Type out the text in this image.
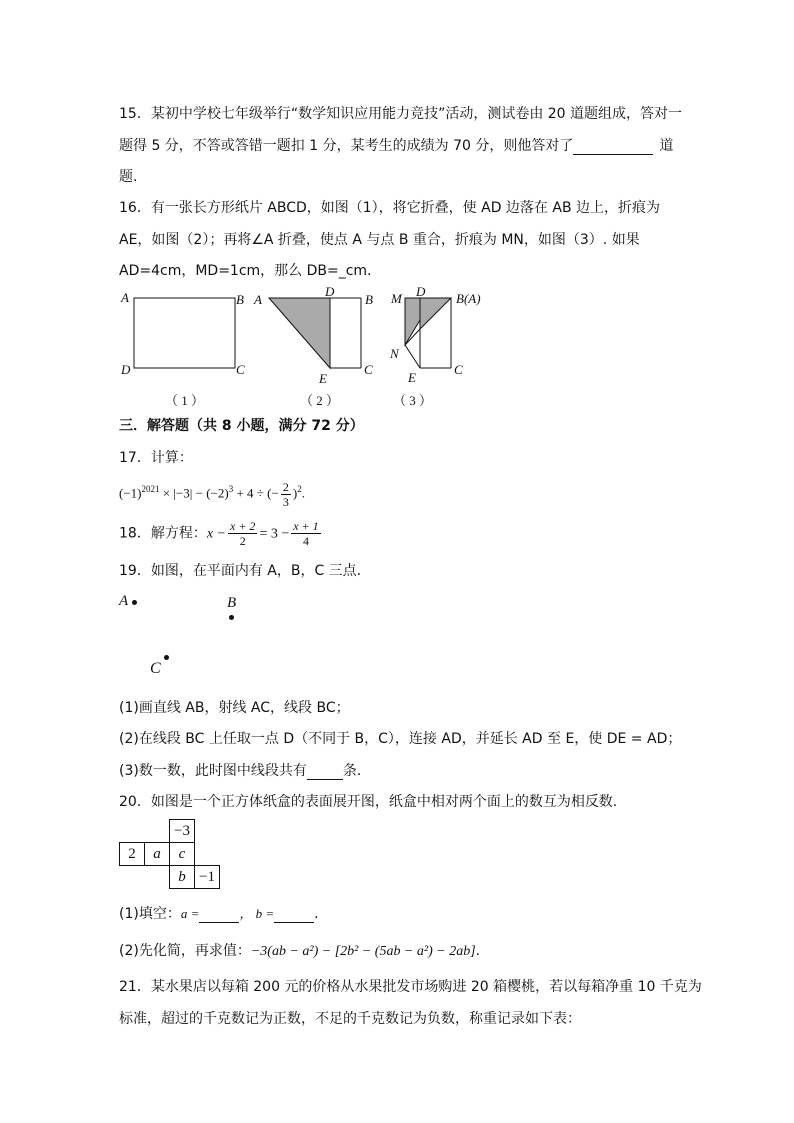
15．某初中学校七年级举行“数学知识应用能力竞技”活动，测试卷由 20 道题组成，答对一
题得 5 分，不答或答错一题扣 1 分，某考生的成绩为 70 分，则他答对了	道
题.
16．有一张长方形纸片 ABCD，如图（1），将它折叠，使 AD 边落在 AB 边上，折痕为
AE，如图（2）；再将∠A 折叠，使点 A 与点 B 重合，折痕为 MN，如图（3）. 如果
AD=4cm，MD=1cm，那么 DB=_cm.
A	B
D	C
（ 1 ）
A
D
B
E
C
（ 2 ）
M D B(A)
N
E
C
（ 3 ）
三．解答题（共 8 小题，满分 72 分）
17．计算：
$(-1)^{2021} \times |-3| - (-2)^3 + 4$ ÷ (− $\frac{2}{3} )^2$.
18．解方程：$x - \frac{x + 2}{2} = 3 - \frac{x + 1}{4}$
19．如图，在平面内有 A，B，C 三点.
A	B
C
(1)画直线 AB，射线 AC，线段 BC；
(2)在线段 BC 上任取一点 D（不同于 B，C），连接 AD，并延长 AD 至 E，使 DE = AD；
(3)数一数，此时图中线段共有	条.
20．如图是一个正方体纸盒的表面展开图，纸盒中相对两个面上的数互为相反数.
		−3	
2	a	c	
		b	−1
(1)填空：a =	， b =	.
(2)先化简，再求值：−3(ab − a²) − [2b² − (5ab − a²) − 2ab].
21．某水果店以每箱 200 元的价格从水果批发市场购进 20 箱樱桃，若以每箱净重 10 千克为
标准，超过的千克数记为正数，不足的千克数记为负数，称重记录如下表：
